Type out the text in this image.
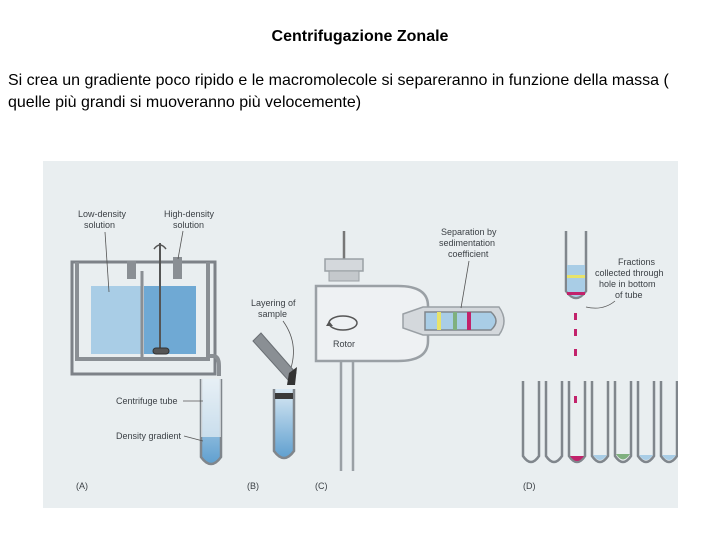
Centrifugazione Zonale
Si crea un gradiente poco ripido e le macromolecole si separeranno in funzione della massa ( quelle più grandi si muoveranno più velocemente)
Low-density
solution
High-density
solution
Centrifuge tube
Density gradient
(A)
Layering of
sample
(B)
Rotor
Separation by
sedimentation
coefficient
(C)
Fractions
collected through
hole in bottom
of tube
(D)
